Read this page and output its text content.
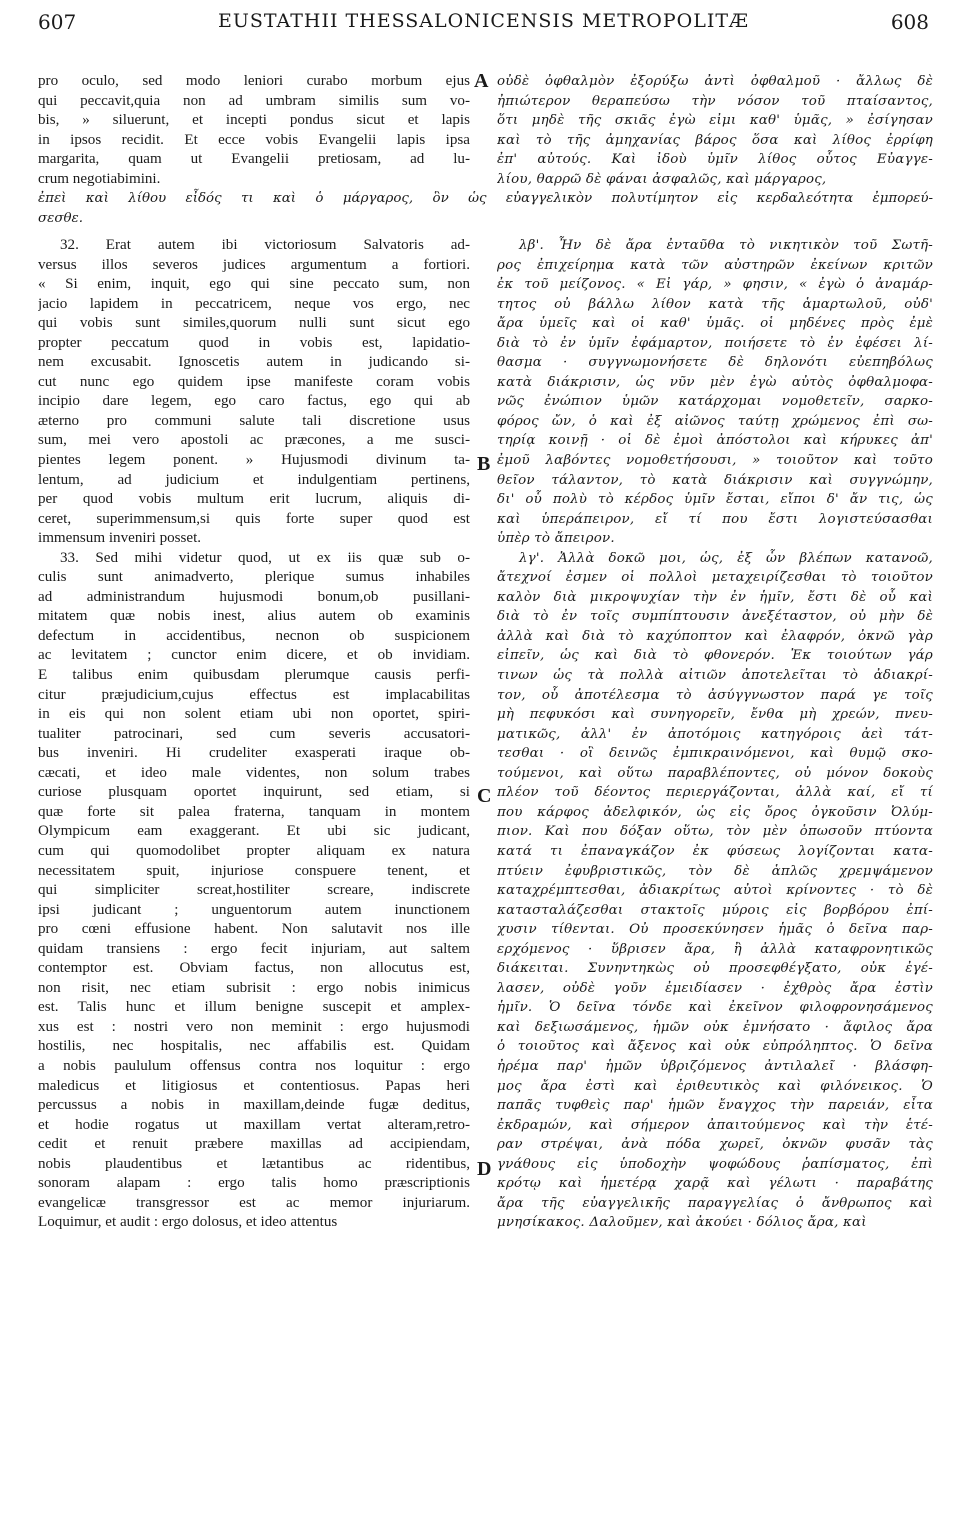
607	EUSTATHII THESSALONICENSIS METROPOLITÆ	608
pro oculo, sed modo leniori curabo morbum ejus
qui peccavit,quia non ad umbram similis sum vo-
bis, » siluerunt, et incepti pondus sicut et lapis
in ipsos recidit. Et ecce vobis Evangelii lapis ipsa
margarita, quam ut Evangelii pretiosam, ad lu-
crum negotiabimini.
οὐδὲ ὀφθαλμὸν ἐξορύξω ἀντὶ ὀφθαλμοῦ · ἄλλως δὲ
ἠπιώτερον θεραπεύσω τὴν νόσον τοῦ πταίσαντος,
ὅτι μηδὲ τῆς σκιᾶς ἐγὼ εἰμι καθ' ὑμᾶς, » ἐσίγησαν
καὶ τὸ τῆς ἀμηχανίας βάρος ὅσα καὶ λίθος ἐρρίφη
ἐπ' αὐτούς. Καὶ ἰδοὺ ὑμῖν λίθος οὗτος Εὐαγγε-
λίου, θαρρῶ δὲ φάναι ἀσφαλῶς, καὶ μάργαρος,
ἐπεὶ καὶ λίθου εἶδός τι καὶ ὁ μάργαρος, ὃν ὡς εὐαγγελικὸν πολυτίμητον εἰς κερδαλεότητα ἐμπορεύ-
σεσθε.
32. Erat autem ibi victoriosum Salvatoris ad-
versus illos severos judices argumentum a fortiori.
« Si enim, inquit, ego qui sine peccato sum, non
jacio lapidem in peccatricem, neque vos ergo, nec
qui vobis sunt similes,quorum nulli sunt sicut ego
propter peccatum quod in vobis est, lapidatio-
nem excusabit. Ignoscetis autem in judicando si-
cut nunc ego quidem ipse manifeste coram vobis
incipio dare legem, ego caro factus, ego qui ab
æterno pro communi salute tali discretione usus
sum, mei vero apostoli ac præcones, a me susci-
pientes legem ponent. » Hujusmodi divinum ta-
lentum, ad judicium et indulgentiam pertinens,
per quod vobis multum erit lucrum, aliquis di-
ceret, superimmensum,si quis forte super quod est
immensum inveniri posset.
33. Sed mihi videtur quod, ut ex iis quæ sub o-
culis sunt animadverto, plerique sumus inhabiles
ad administrandum hujusmodi bonum,ob pusillani-
mitatem quæ nobis inest, alius autem ob examinis
defectum in accidentibus, necnon ob suspicionem
ac levitatem ; cunctor enim dicere, et ob invidiam.
E talibus enim quibusdam plerumque causis perfi-
citur præjudicium,cujus effectus est implacabilitas
in eis qui non solent etiam ubi non oportet, spiri-
tualiter patrocinari, sed cum severis accusatori-
bus inveniri. Hi crudeliter exasperati iraque ob-
cæcati, et ideo male videntes, non solum trabes
curiose plusquam oportet inquirunt, sed etiam, si
quæ forte sit palea fraterna, tanquam in montem
Olympicum eam exaggerant. Et ubi sic judicant,
cum qui quomodolibet propter aliquam ex natura
necessitatem spuit, injuriose conspuere tenent, et
qui simpliciter screat,hostiliter screare, indiscrete
ipsi judicant ; unguentorum autem inunctionem
pro cœni effusione habent. Non salutavit nos ille
quidam transiens : ergo fecit injuriam, aut saltem
contemptor est. Obviam factus, non allocutus est,
non risit, nec etiam subrisit : ergo nobis inimicus
est. Talis hunc et illum benigne suscepit et amplex-
xus est : nostri vero non meminit : ergo hujusmodi
hostilis, nec hospitalis, nec affabilis est. Quidam
a nobis paululum offensus contra nos loquitur : ergo
maledicus et litigiosus et contentiosus. Papas heri
percussus a nobis in maxillam,deinde fugæ deditus,
et hodie rogatus ut maxillam vertat alteram,retro-
cedit et renuit præbere maxillas ad accipiendam,
nobis plaudentibus et lætantibus ac ridentibus,
sonoram alapam : ergo talis homo præscriptionis
evangelicæ transgressor est ac memor injuriarum.
Loquimur, et audit : ergo dolosus, et ideo attentus
λβ'. Ἦν δὲ ἄρα ἐνταῦθα τὸ νικητικὸν τοῦ Σωτῆ-
ρος ἐπιχείρημα κατὰ τῶν αὐστηρῶν ἐκείνων κριτῶν
ἐκ τοῦ μείζονος. « Εἰ γάρ, » φησιν, « ἐγὼ ὁ ἀναμάρ-
τητος οὐ βάλλω λίθον κατὰ τῆς ἁμαρτωλοῦ, οὐδ'
ἄρα ὑμεῖς καὶ οἱ καθ' ὑμᾶς. οἱ μηδένες πρὸς ἐμὲ
διὰ τὸ ἐν ὑμῖν ἐφάμαρτον, ποιήσετε τὸ ἐν ἐφέσει λί-
θασμα · συγγνωμονήσετε δὲ δηλονότι εὐεπηβόλως
κατὰ διάκρισιν, ὡς νῦν μὲν ἐγὼ αὐτὸς ὀφθαλμοφα-
νῶς ἐνώπιον ὑμῶν κατάρχομαι νομοθετεῖν, σαρκο-
φόρος ὤν, ὁ καὶ ἐξ αἰῶνος ταύτῃ χρώμενος ἐπὶ σω-
τηρίᾳ κοινῇ · οἱ δὲ ἐμοὶ ἀπόστολοι καὶ κήρυκες ἀπ'
ἐμοῦ λαβόντες νομοθετήσουσι, » τοιοῦτον καὶ τοῦτο
θεῖον τάλαντον, τὸ κατὰ διάκρισιν καὶ συγγνώμην,
δι' οὗ πολὺ τὸ κέρδος ὑμῖν ἔσται, εἴποι δ' ἄν τις, ὡς
καὶ ὑπεράπειρον, εἴ τί που ἔστι λογιστεύσασθαι
ὑπὲρ τὸ ἄπειρον.
λγ'. Ἀλλὰ δοκῶ μοι, ὡς, ἐξ ὧν βλέπων κατανοῶ,
ἄτεχνοί ἐσμεν οἱ πολλοὶ μεταχειρίζεσθαι τὸ τοιοῦτον
καλὸν διὰ μικροψυχίαν τὴν ἐν ἡμῖν, ἔστι δὲ οὗ καὶ
διὰ τὸ ἐν τοῖς συμπίπτουσιν ἀνεξέταστον, οὐ μὴν δὲ
ἀλλὰ καὶ διὰ τὸ καχύποπτον καὶ ἐλαφρόν, ὀκνῶ γὰρ
εἰπεῖν, ὡς καὶ διὰ τὸ φθονερόν. Ἐκ τοιούτων γάρ
τινων ὡς τὰ πολλὰ αἰτιῶν ἀποτελεῖται τὸ ἀδιακρί-
τον, οὗ ἀποτέλεσμα τὸ ἀσύγγνωστον παρά γε τοῖς
μὴ πεφυκόσι καὶ συνηγορεῖν, ἔνθα μὴ χρεών, πνευ-
ματικῶς, ἀλλ' ἐν ἀποτόμοις κατηγόροις ἀεὶ τάτ-
τεσθαι · οἳ δεινῶς ἐμπικραινόμενοι, καὶ θυμῷ σκο-
τούμενοι, καὶ οὕτω παραβλέποντες, οὐ μόνον δοκοὺς
πλέον τοῦ δέοντος περιεργάζονται, ἀλλὰ καί, εἴ τί
που κάρφος ἀδελφικόν, ὡς εἰς ὄρος ὀγκοῦσιν Ὀλύμ-
πιον. Καὶ που δόξαν οὕτω, τὸν μὲν ὁπωσοῦν πτύοντα
κατά τι ἐπαναγκάζον ἐκ φύσεως λογίζονται κατα-
πτύειν ἐφυβριστικῶς, τὸν δὲ ἁπλῶς χρεμψάμενον
καταχρέμπτεσθαι, ἀδιακρίτως αὐτοὶ κρίνοντες · τὸ δὲ
κατασταλάζεσθαι στακτοῖς μύροις εἰς βορβόρου ἐπί-
χυσιν τίθενται. Οὐ προσεκύνησεν ἡμᾶς ὁ δεῖνα παρ-
ερχόμενος · ὕβρισεν ἄρα, ἢ ἀλλὰ καταφρονητικῶς
διάκειται. Συνηντηκὼς οὐ προσεφθέγξατο, οὐκ ἐγέ-
λασεν, οὐδὲ γοῦν ἐμειδίασεν · ἐχθρὸς ἄρα ἐστὶν
ἡμῖν. Ὁ δεῖνα τόνδε καὶ ἐκεῖνον φιλοφρονησάμενος
καὶ δεξιωσάμενος, ἡμῶν οὐκ ἐμνήσατο · ἄφιλος ἄρα
ὁ τοιοῦτος καὶ ἄξενος καὶ οὐκ εὐπρόληπτος. Ὁ δεῖνα
ἠρέμα παρ' ἡμῶν ὑβριζόμενος ἀντιλαλεῖ · βλάσφη-
μος ἄρα ἐστὶ καὶ ἐριθευτικὸς καὶ φιλόνεικος. Ὁ
παπᾶς τυφθεὶς παρ' ἡμῶν ἔναγχος τὴν παρειάν, εἶτα
ἐκδραμών, καὶ σήμερον ἀπαιτούμενος καὶ τὴν ἑτέ-
ραν στρέψαι, ἀνὰ πόδα χωρεῖ, ὀκνῶν φυσᾶν τὰς
γνάθους εἰς ὑποδοχὴν ψοφώδους ῥαπίσματος, ἐπὶ
κρότῳ καὶ ἡμετέρᾳ χαρᾷ καὶ γέλωτι · παραβάτης
ἄρα τῆς εὐαγγελικῆς παραγγελίας ὁ ἄνθρωπος καὶ
μνησίκακος. Δαλοῦμεν, καὶ ἀκούει · δόλιος ἄρα, καὶ
A
B
C
D
